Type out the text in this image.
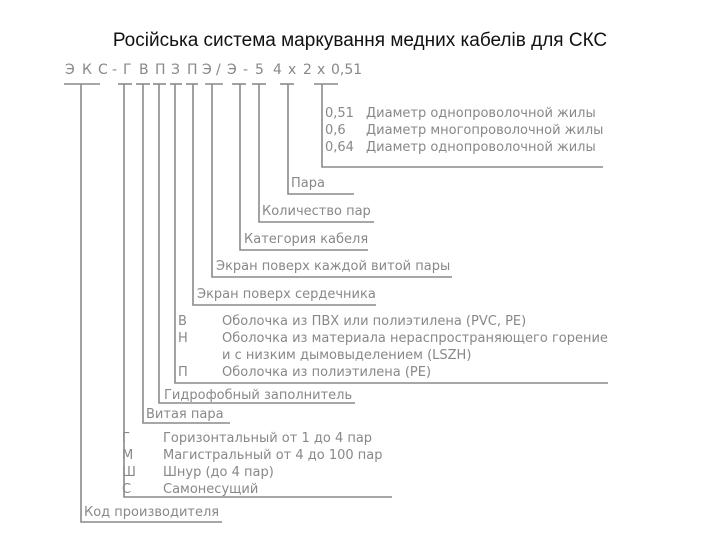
Російська система маркування медних кабелів для СКС

Э

К

С

-

Г

В

П

З

П

Э

/

Э

-

5

4

х

2

х

0,51

0,51 Диаметр однопроволочной жилы
0,6 Диаметр многопроволочной жилы
0,64 Диаметр однопроволочной жилы
Пара
Количество пар
Категория кабеля
Экран поверх каждой витой пары
Экран поверх сердечника
В	Оболочка из ПВХ или полиэтилена (PVC, PE)
Н	Оболочка из материала нераспространяющего горение
и с низким дымовыделением (LSZH)
П	Оболочка из полиэтилена (PE)
Гидрофобный заполнитель
Витая пара
Г	Горизонтальный от 1 до 4 пар
М Магистральный от 4 до 100 пар
Ш Шнур (до 4 пар)
С Самонесущий
Код производителя
